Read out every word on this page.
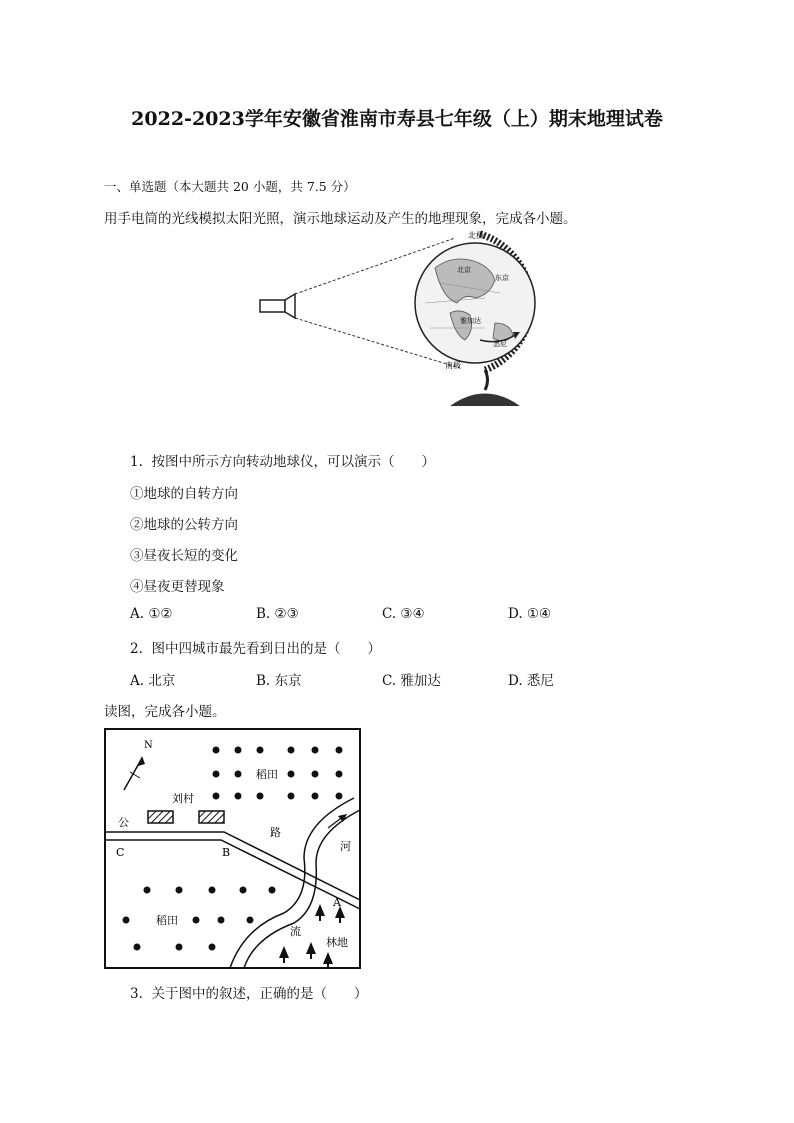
2022-2023学年安徽省淮南市寿县七年级（上）期末地理试卷
一、单选题（本大题共 20 小题，共 7.5 分）
用手电筒的光线模拟太阳光照，演示地球运动及产生的地理现象，完成各小题。
北极
南极
北京
东京
雅加达
悉尼
1. 按图中所示方向转动地球仪，可以演示（　　）
①地球的自转方向
②地球的公转方向
③昼夜长短的变化
④昼夜更替现象
A. ①②	B. ②③	C. ③④	D. ①④
2. 图中四城市最先看到日出的是（　　）
A. 北京	B. 东京	C. 雅加达	D. 悉尼
读图，完成各小题。
N
稻田
刘村
公
路
C	B	河
流
稻田
A
林地
3. 关于图中的叙述，正确的是（　　）
